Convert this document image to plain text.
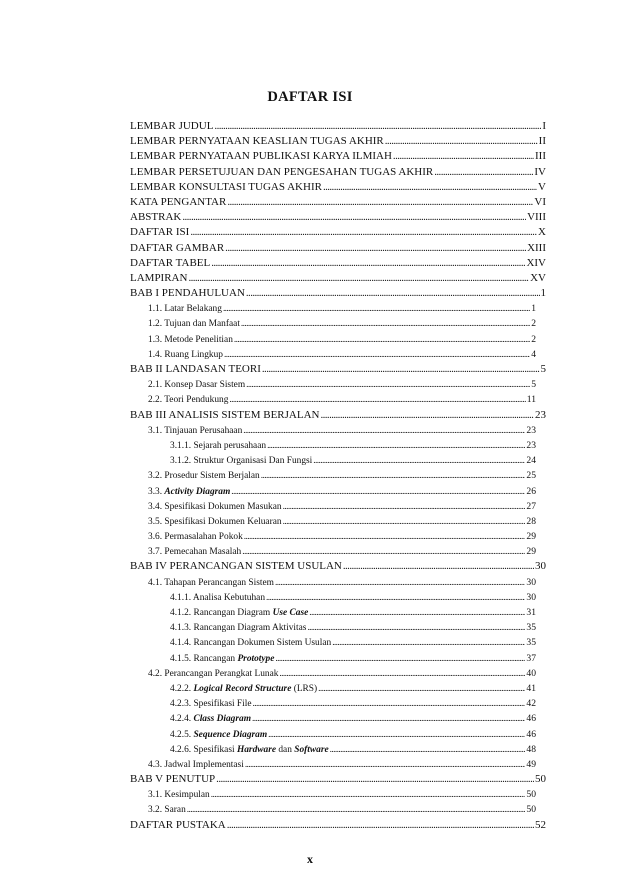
DAFTAR ISI
LEMBAR JUDUL .....	I
LEMBAR PERNYATAAN KEASLIAN TUGAS AKHIR .....	II
LEMBAR PERNYATAAN PUBLIKASI KARYA ILMIAH .....	III
LEMBAR PERSETUJUAN DAN PENGESAHAN TUGAS AKHIR .....	IV
LEMBAR KONSULTASI TUGAS AKHIR .....	V
KATA PENGANTAR .....	VI
ABSTRAK .....	VIII
DAFTAR ISI .....	X
DAFTAR GAMBAR .....	XIII
DAFTAR TABEL .....	XIV
LAMPIRAN .....	XV
BAB I PENDAHULUAN .....	1
1.1. Latar Belakang .....	1
1.2. Tujuan dan Manfaat .....	2
1.3. Metode Penelitian .....	2
1.4. Ruang Lingkup .....	4
BAB II LANDASAN TEORI .....	5
2.1. Konsep Dasar Sistem .....	5
2.2. Teori Pendukung .....	11
BAB III ANALISIS SISTEM BERJALAN .....	23
3.1. Tinjauan Perusahaan .....	23
3.1.1. Sejarah perusahaan .....	23
3.1.2. Struktur Organisasi Dan Fungsi .....	24
3.2. Prosedur Sistem Berjalan .....	25
3.3. Activity Diagram .....	26
3.4. Spesifikasi Dokumen Masukan .....	27
3.5. Spesifikasi Dokumen Keluaran .....	28
3.6. Permasalahan Pokok .....	29
3.7. Pemecahan Masalah .....	29
BAB IV PERANCANGAN SISTEM USULAN .....	30
4.1. Tahapan Perancangan Sistem .....	30
4.1.1. Analisa Kebutuhan .....	30
4.1.2. Rancangan Diagram Use Case .....	31
4.1.3. Rancangan Diagram Aktivitas .....	35
4.1.4. Rancangan Dokumen Sistem Usulan .....	35
4.1.5. Rancangan Prototype .....	37
4.2. Perancangan Perangkat Lunak .....	40
4.2.2. Logical Record Structure (LRS) .....	41
4.2.3. Spesifikasi File .....	42
4.2.4. Class Diagram .....	46
4.2.5. Sequence Diagram .....	46
4.2.6. Spesifikasi Hardware dan Software .....	48
4.3. Jadwal Implementasi .....	49
BAB V PENUTUP .....	50
3.1. Kesimpulan .....	50
3.2. Saran .....	50
DAFTAR PUSTAKA .....	52
x
